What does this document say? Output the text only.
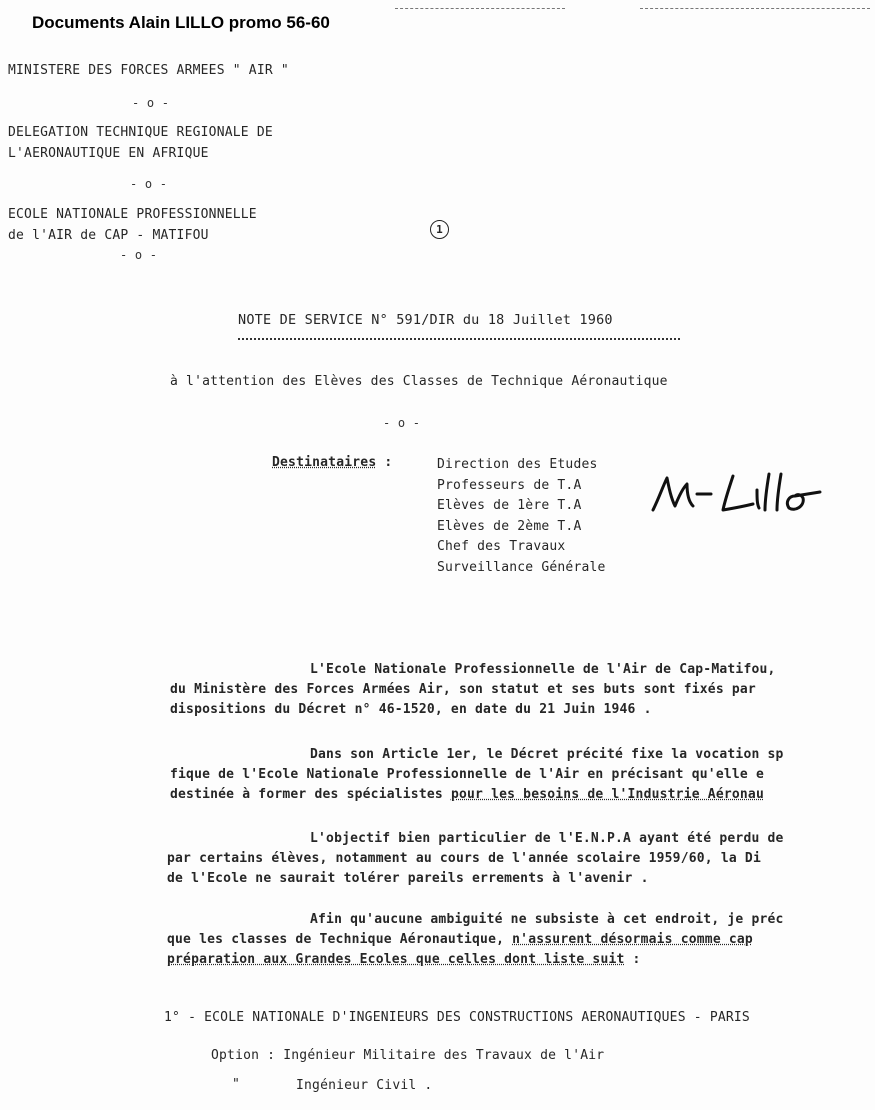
Documents Alain LILLO promo 56-60
MINISTERE DES FORCES ARMEES " AIR "
- o -
DELEGATION TECHNIQUE REGIONALE DE
L'AERONAUTIQUE EN AFRIQUE
- o -
ECOLE NATIONALE PROFESSIONNELLE
de l'AIR de CAP - MATIFOU
- o -
1
NOTE DE SERVICE N° 591/DIR du 18 Juillet 1960
à l'attention des Elèves des Classes de Technique Aéronautique
- o -
Destinataires :	Direction des Etudes
Professeurs de T.A
Elèves de 1ère T.A
Elèves de 2ème T.A
Chef des Travaux
Surveillance Générale
L'Ecole Nationale Professionnelle de l'Air de Cap-Matifou,
du Ministère des Forces Armées Air, son statut et ses buts sont fixés par
dispositions du Décret n° 46-1520, en date du 21 Juin 1946 .
Dans son Article 1er, le Décret précité fixe la vocation sp
fique de l'Ecole Nationale Professionnelle de l'Air en précisant qu'elle e
destinée à former des spécialistes pour les besoins de l'Industrie Aéronau
L'objectif bien particulier de l'E.N.P.A ayant été perdu de
par certains élèves, notamment au cours de l'année scolaire 1959/60, la Di
de l'Ecole ne saurait tolérer pareils errements à l'avenir .
Afin qu'aucune ambiguité ne subsiste à cet endroit, je préc
que les classes de Technique Aéronautique, n'assurent désormais comme cap
préparation aux Grandes Ecoles que celles dont liste suit :
1° - ECOLE NATIONALE D'INGENIEURS DES CONSTRUCTIONS AERONAUTIQUES - PARIS
Option : Ingénieur Militaire des Travaux de l'Air
"	Ingénieur Civil .
